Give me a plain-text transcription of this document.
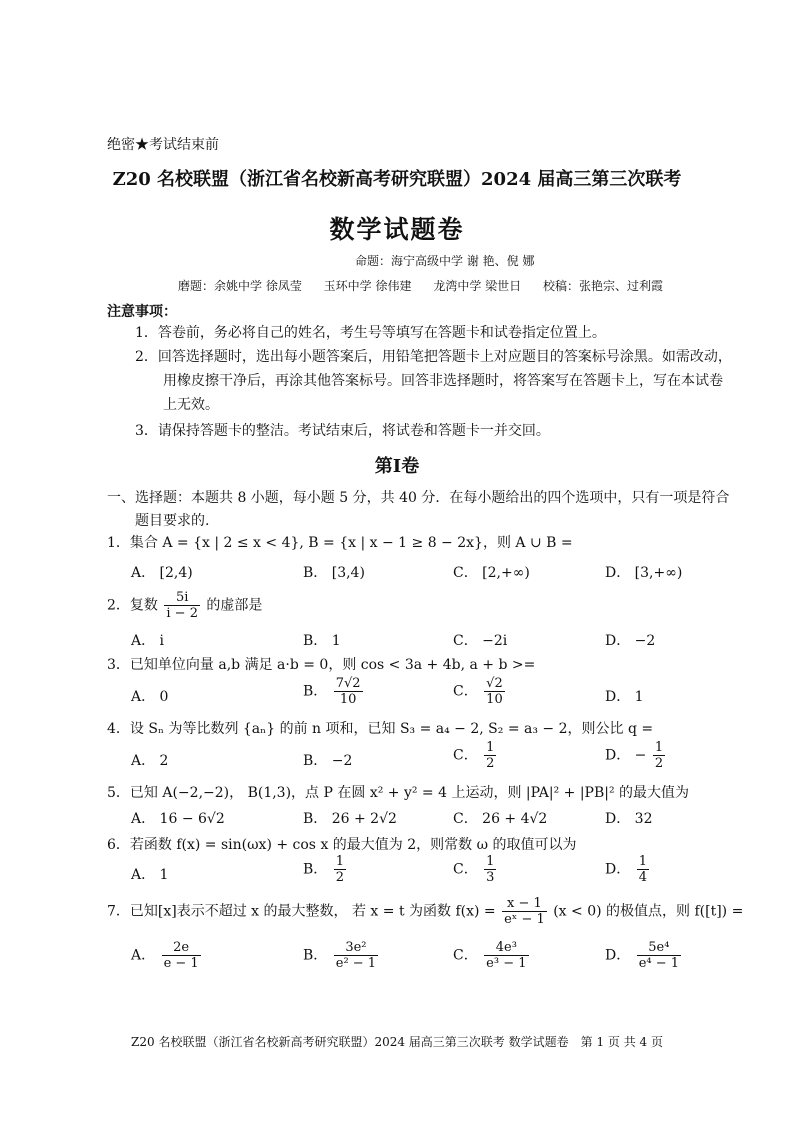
绝密★考试结束前
Z20 名校联盟（浙江省名校新高考研究联盟）2024 届高三第三次联考
数学试题卷
命题：海宁高级中学 谢 艳、倪 娜
磨题：余姚中学 徐凤莹 玉环中学 徐伟建 龙湾中学 梁世日 校稿：张艳宗、过利霞
注意事项：
1．答卷前，务必将自己的姓名，考生号等填写在答题卡和试卷指定位置上。
2．回答选择题时，选出每小题答案后，用铅笔把答题卡上对应题目的答案标号涂黑。如需改动，
用橡皮擦干净后，再涂其他答案标号。回答非选择题时，将答案写在答题卡上，写在本试卷
上无效。
3．请保持答题卡的整洁。考试结束后，将试卷和答题卡一并交回。
第Ⅰ卷
一、选择题：本题共 8 小题，每小题 5 分，共 40 分．在每小题给出的四个选项中，只有一项是符合
题目要求的.
1．集合 A = {x | 2 ≤ x < 4}, B = {x | x − 1 ≥ 8 − 2x}，则 A ∪ B =
A． [2,4)	B． [3,4)	C． [2,+∞)	D． [3,+∞)
2．复数 $\frac{5i}{i - 2}$ 的虚部是
A． i	B． 1	C． −2i	D． −2
3．已知单位向量 a,b 满足 a·b = 0，则 cos < 3a + 4b, a + b >=
A． 0	B． $\frac{7√2}{10}$	C． $\frac{√2}{10}$	D． 1
4．设 Sₙ 为等比数列 {aₙ} 的前 n 项和，已知 S₃ = a₄ − 2, S₂ = a₃ − 2，则公比 q =
A． 2	B． −2	C． $\frac{1}{2}$	D． − $\frac{1}{2}$
5．已知 A(−2,−2)， B(1,3)，点 P 在圆 x² + y² = 4 上运动，则 |PA|² + |PB|² 的最大值为
A． 16 − 6√2	B． 26 + 2√2	C． 26 + 4√2	D． 32
6．若函数 f(x) = sin(ωx) + cos x 的最大值为 2，则常数 ω 的取值可以为
A． 1	B． $\frac{1}{2}$	C． $\frac{1}{3}$	D． $\frac{1}{4}$
7．已知[x]表示不超过 x 的最大整数， 若 x = t 为函数 $f(x) = \frac{x - 1}{\text{eˣ − 1}} (x < 0)$ 的极值点，则 f([t]) =
A． $\frac{2e}{e - 1}$	B． $\frac{\text{3e²}}{\text{e² − 1}}$	C． $\frac{\text{4e³}}{\text{e³ − 1}}$	D． $\frac{\text{5e⁴}}{\text{e⁴ − 1}}$
Z20 名校联盟（浙江省名校新高考研究联盟）2024 届高三第三次联考 数学试题卷　第 1 页 共 4 页
